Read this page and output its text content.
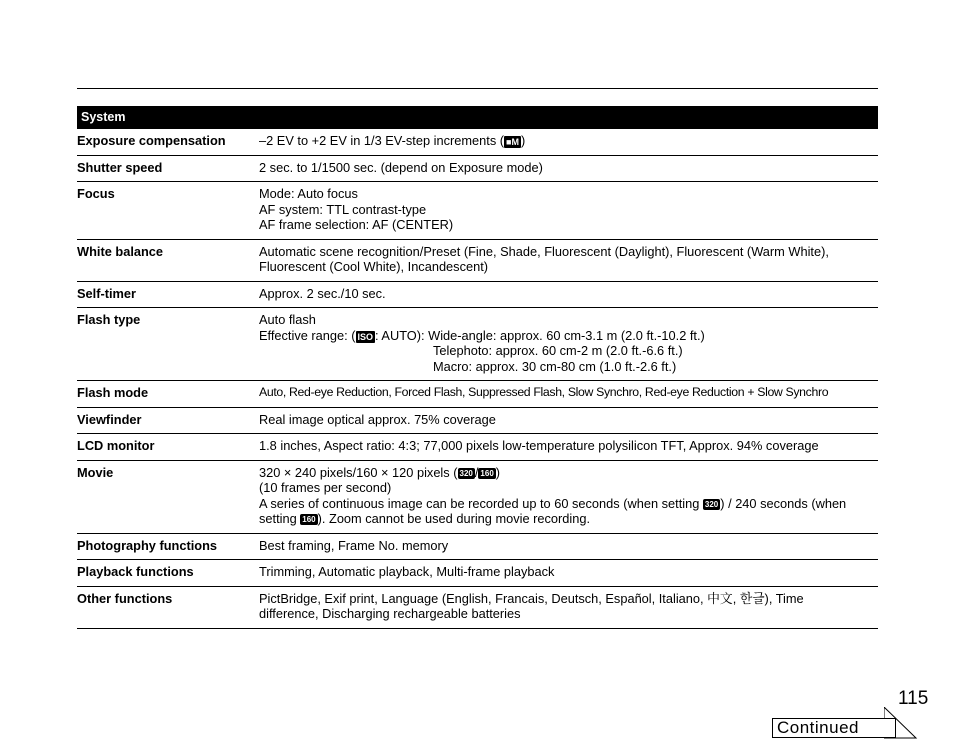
System
Exposure compensation	–2 EV to +2 EV in 1/3 EV-step increments ( ■M )
Shutter speed	2 sec. to 1/1500 sec. (depend on Exposure mode)
Focus	Mode: Auto focus
AF system: TTL contrast-type
AF frame selection: AF (CENTER)
White balance	Automatic scene recognition/Preset (Fine, Shade, Fluorescent (Daylight), Fluorescent (Warm White),
Fluorescent (Cool White), Incandescent)
Self-timer	Approx. 2 sec./10 sec.
Flash type	Auto flash
Effective range: ( ISO : AUTO): Wide-angle: approx. 60 cm-3.1 m (2.0 ft.-10.2 ft.)
Telephoto: approx. 60 cm-2 m (2.0 ft.-6.6 ft.)
Macro: approx. 30 cm-80 cm (1.0 ft.-2.6 ft.)
Flash mode	Auto, Red-eye Reduction, Forced Flash, Suppressed Flash, Slow Synchro, Red-eye Reduction + Slow Synchro
Viewfinder	Real image optical approx. 75% coverage
LCD monitor	1.8 inches, Aspect ratio: 4:3; 77,000 pixels low-temperature polysilicon TFT, Approx. 94% coverage
Movie	320 × 240 pixels/160 × 120 pixels ( 320 / 160 )
(10 frames per second)
A series of continuous image can be recorded up to 60 seconds (when setting 320 ) / 240 seconds (when
setting 160 ). Zoom cannot be used during movie recording.
Photography functions	Best framing, Frame No. memory
Playback functions	Trimming, Automatic playback, Multi-frame playback
Other functions	PictBridge, Exif print, Language (English, Francais, Deutsch, Español, Italiano, 中文, 한글), Time
difference, Discharging rechargeable batteries
115
Continued
